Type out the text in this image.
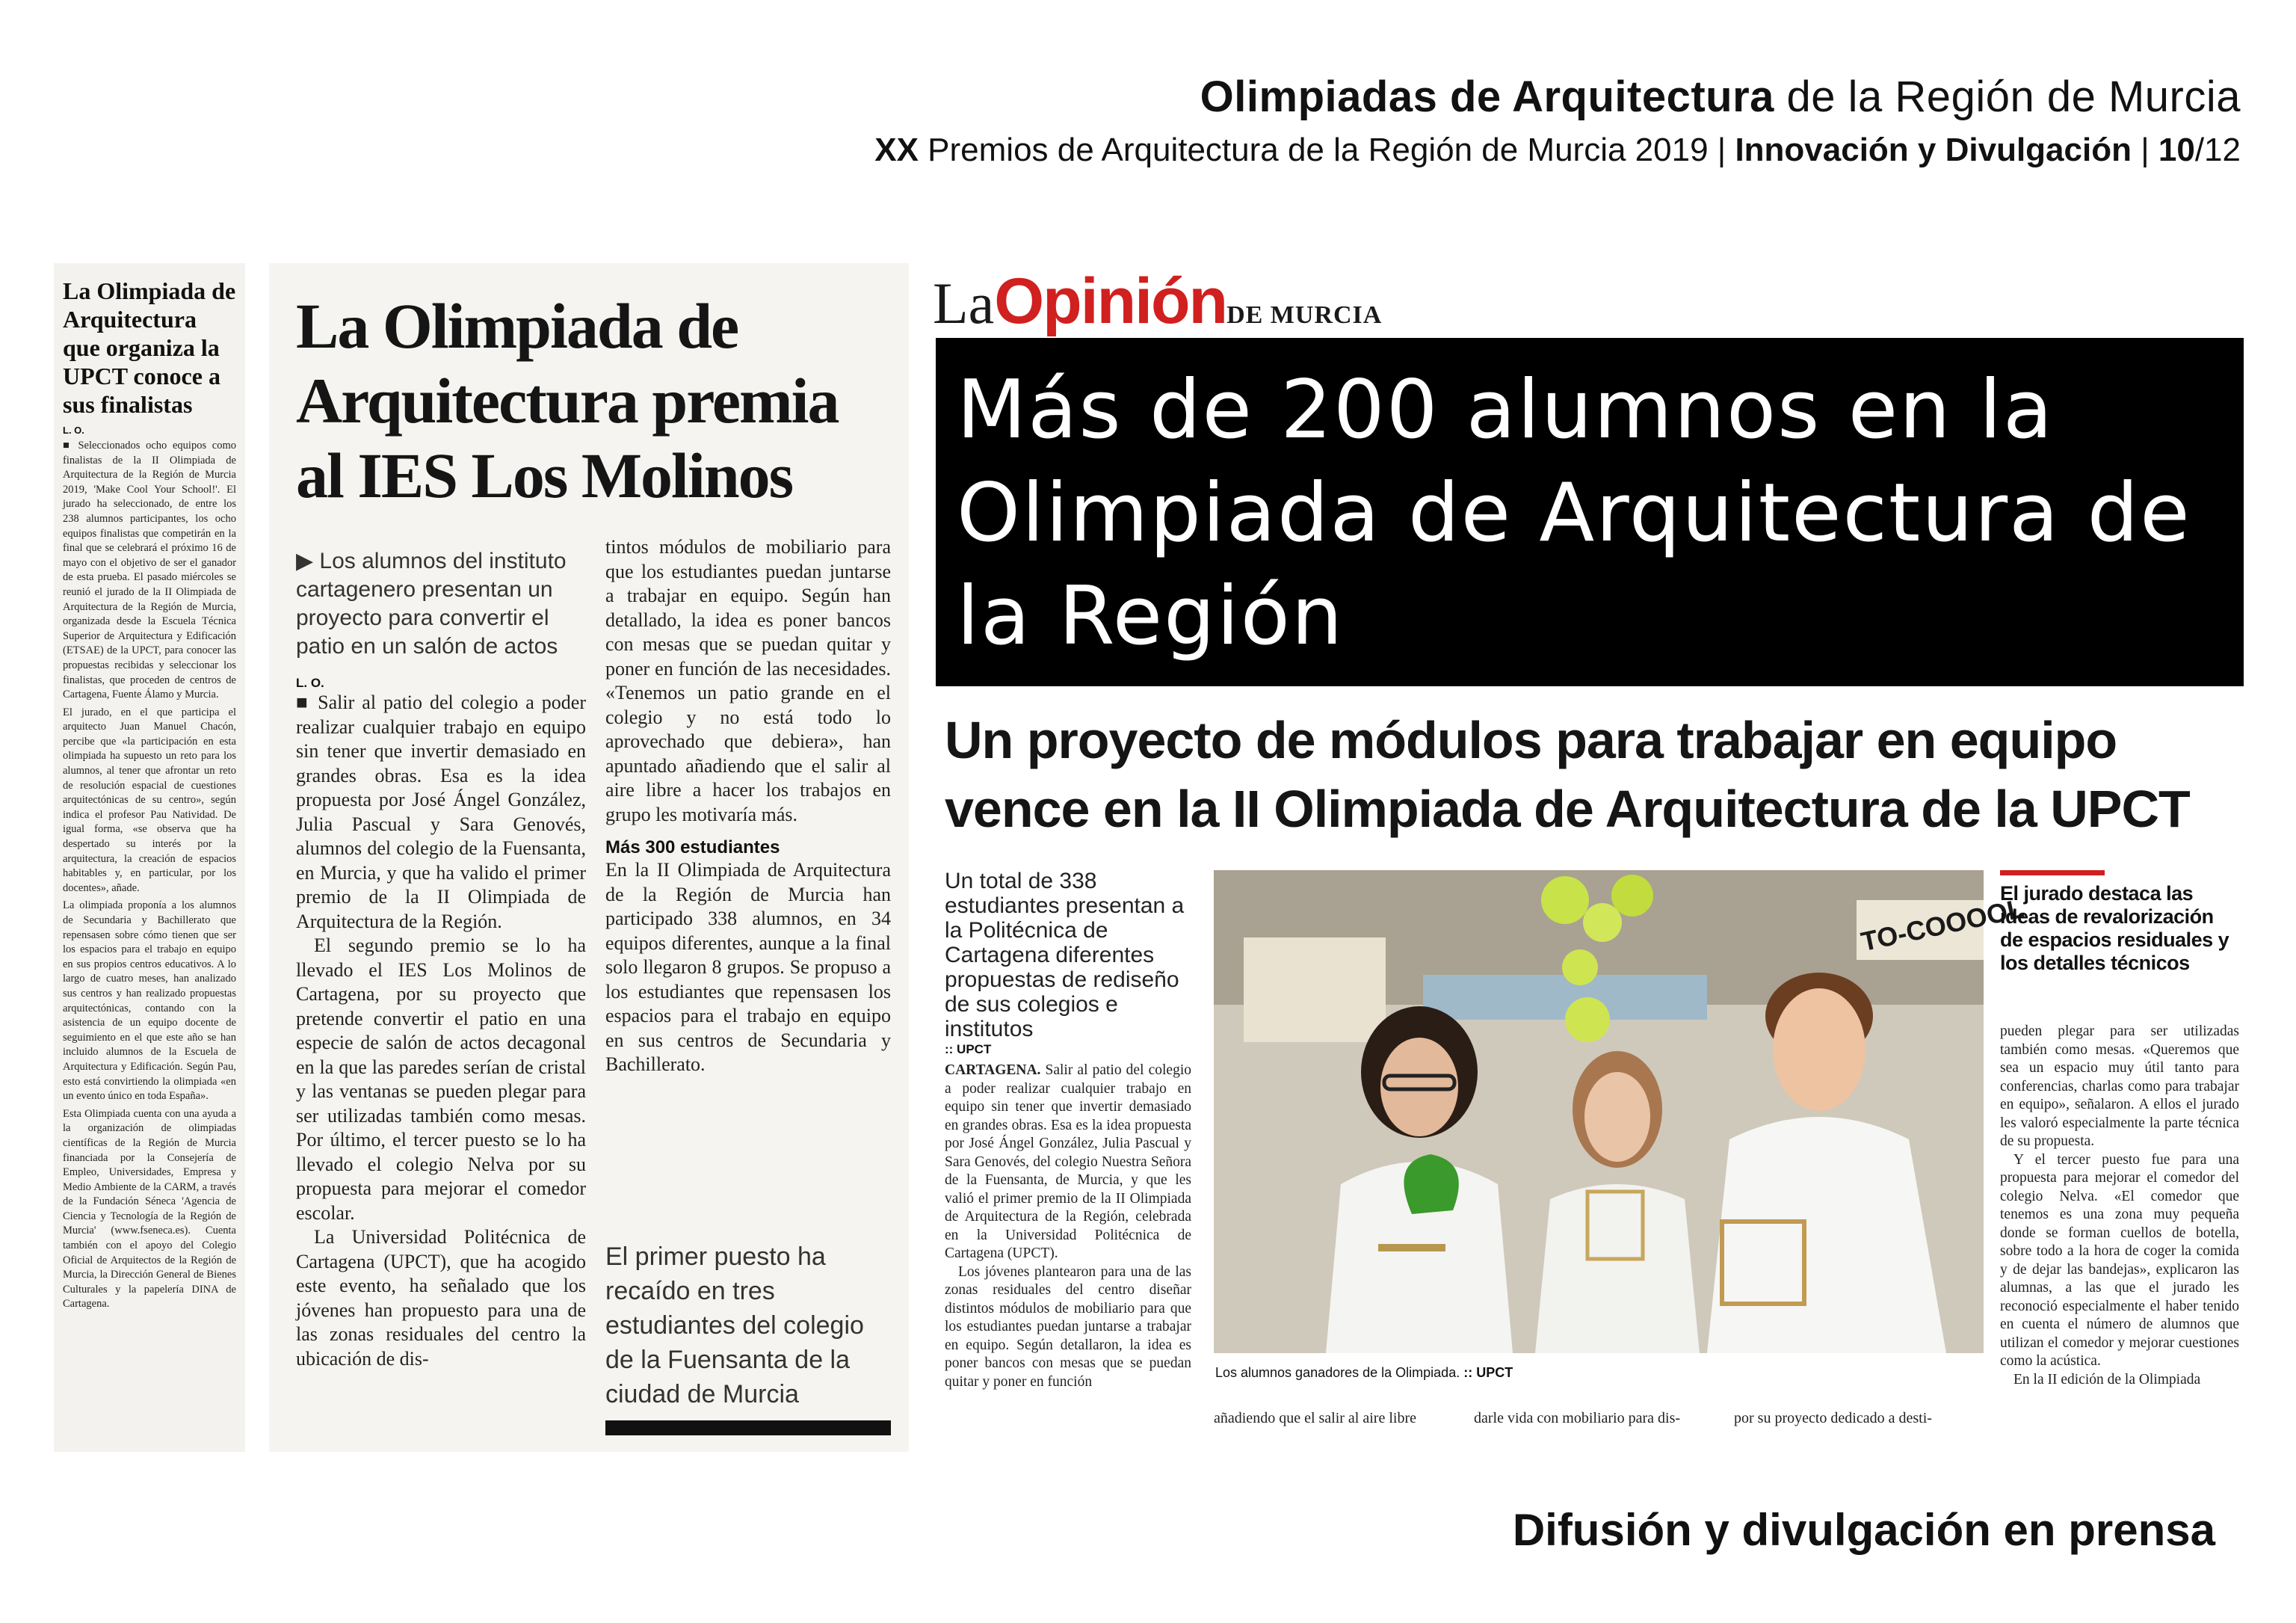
Olimpiadas de Arquitectura de la Región de Murcia
XX Premios de Arquitectura de la Región de Murcia 2019 | Innovación y Divulgación | 10/12
La Olimpiada de Arquitectura que organiza la UPCT conoce a sus finalistas
L. O.
■ Seleccionados ocho equipos como finalistas de la II Olimpiada de Arquitectura de la Región de Murcia 2019, 'Make Cool Your School!'. El jurado ha seleccionado, de entre los 238 alumnos participantes, los ocho equipos finalistas que competirán en la final que se celebrará el próximo 16 de mayo con el objetivo de ser el ganador de esta prueba. El pasado miércoles se reunió el jurado de la II Olimpiada de Arquitectura de la Región de Murcia, organizada desde la Escuela Técnica Superior de Arquitectura y Edificación (ETSAE) de la UPCT, para conocer las propuestas recibidas y seleccionar los finalistas, que proceden de centros de Cartagena, Fuente Álamo y Murcia.
El jurado, en el que participa el arquitecto Juan Manuel Chacón, percibe que «la participación en esta olimpiada ha supuesto un reto para los alumnos, al tener que afrontar un reto de resolución espacial de cuestiones arquitectónicas de su centro», según indica el profesor Pau Natividad. De igual forma, «se observa que ha despertado su interés por la arquitectura, la creación de espacios habitables y, en particular, por los docentes», añade.
La olimpiada proponía a los alumnos de Secundaria y Bachillerato que repensasen sobre cómo tienen que ser los espacios para el trabajo en equipo en sus propios centros educativos. A lo largo de cuatro meses, han analizado sus centros y han realizado propuestas arquitectónicas, contando con la asistencia de un equipo docente de seguimiento en el que este año se han incluido alumnos de la Escuela de Arquitectura y Edificación. Según Pau, esto está convirtiendo la olimpiada «en un evento único en toda España».
Esta Olimpiada cuenta con una ayuda a la organización de olimpiadas científicas de la Región de Murcia financiada por la Consejería de Empleo, Universidades, Empresa y Medio Ambiente de la CARM, a través de la Fundación Séneca 'Agencia de Ciencia y Tecnología de la Región de Murcia' (www.fseneca.es). Cuenta también con el apoyo del Colegio Oficial de Arquitectos de la Región de Murcia, la Dirección General de Bienes Culturales y la papelería DINA de Cartagena.
La Olimpiada de Arquitectura premia al IES Los Molinos
▶ Los alumnos del instituto cartagenero presentan un proyecto para convertir el patio en un salón de actos
L. O.
■ Salir al patio del colegio a poder realizar cualquier trabajo en equipo sin tener que invertir demasiado en grandes obras. Esa es la idea propuesta por José Ángel González, Julia Pascual y Sara Genovés, alumnos del colegio de la Fuensanta, en Murcia, y que ha valido el primer premio de la II Olimpiada de Arquitectura de la Región.
El segundo premio se lo ha llevado el IES Los Molinos de Cartagena, por su proyecto que pretende convertir el patio en una especie de salón de actos decagonal en la que las paredes serían de cristal y las ventanas se pueden plegar para ser utilizadas también como mesas. Por último, el tercer puesto se lo ha llevado el colegio Nelva por su propuesta para mejorar el comedor escolar.
La Universidad Politécnica de Cartagena (UPCT), que ha acogido este evento, ha señalado que los jóvenes han propuesto para una de las zonas residuales del centro la ubicación de dis-
tintos módulos de mobiliario para que los estudiantes puedan juntarse a trabajar en equipo. Según han detallado, la idea es poner bancos con mesas que se puedan quitar y poner en función de las necesidades. «Tenemos un patio grande en el colegio y no está todo lo aprovechado que debiera», han apuntado añadiendo que el salir al aire libre a hacer los trabajos en grupo les motivaría más.
Más 300 estudiantes
En la II Olimpiada de Arquitectura de la Región de Murcia han participado 338 alumnos, en 34 equipos diferentes, aunque a la final solo llegaron 8 grupos. Se propuso a los estudiantes que repensasen los espacios para el trabajo en equipo en sus centros de Secundaria y Bachillerato.
El primer puesto ha recaído en tres estudiantes del colegio de la Fuensanta de la ciudad de Murcia
LaOpiniónDE MURCIA
Más de 200 alumnos en la Olimpiada de Arquitectura de la Región
Un proyecto de módulos para trabajar en equipo vence en la II Olimpiada de Arquitectura de la UPCT
Un total de 338 estudiantes presentan a la Politécnica de Cartagena diferentes propuestas de rediseño de sus colegios e institutos
:: UPCT
CARTAGENA. Salir al patio del colegio a poder realizar cualquier trabajo en equipo sin tener que invertir demasiado en grandes obras. Esa es la idea propuesta por José Ángel González, Julia Pascual y Sara Genovés, del colegio Nuestra Señora de la Fuensanta, de Murcia, y que les valió el primer premio de la II Olimpiada de Arquitectura de la Región, celebrada en la Universidad Politécnica de Cartagena (UPCT).
Los jóvenes plantearon para una de las zonas residuales del centro diseñar distintos módulos de mobiliario para que los estudiantes puedan juntarse a trabajar en equipo. Según detallaron, la idea es poner bancos con mesas que se puedan quitar y poner en función
TO-COOOOL
Los alumnos ganadores de la Olimpiada. :: UPCT
El jurado destaca las ideas de revalorización de espacios residuales y los detalles técnicos
pueden plegar para ser utilizadas también como mesas. «Queremos que sea un espacio muy útil tanto para conferencias, charlas como para trabajar en equipo», señalaron. A ellos el jurado les valoró especialmente la parte técnica de su propuesta.
Y el tercer puesto fue para una propuesta para mejorar el comedor del colegio Nelva. «El comedor que tenemos es una zona muy pequeña donde se forman cuellos de botella, sobre todo a la hora de coger la comida y de dejar las bandejas», explicaron las alumnas, a las que el jurado les reconoció especialmente el haber tenido en cuenta el número de alumnos que utilizan el comedor y mejorar cuestiones como la acústica.
En la II edición de la Olimpiada
añadiendo que el salir al aire libre	darle vida con mobiliario para dis-	por su proyecto dedicado a desti-
Difusión y divulgación en prensa
